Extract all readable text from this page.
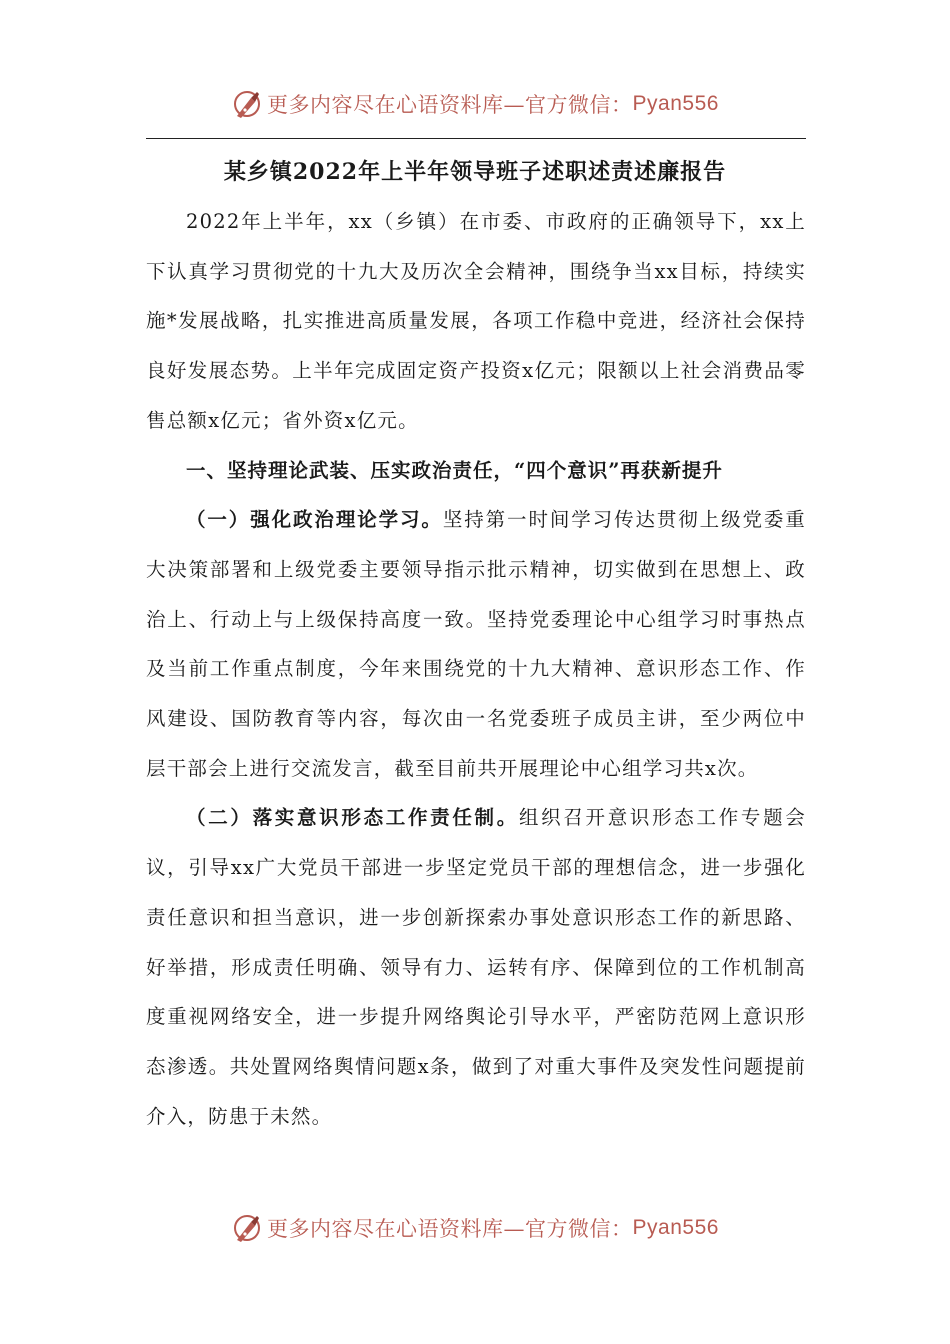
更多内容尽在心语资料库—官方微信： Pyan556
某乡镇2022年上半年领导班子述职述责述廉报告

2022年上半年，xx（乡镇）在市委、市政府的正确领导下，xx上下认真学习贯彻党的十九大及历次全会精神，围绕争当xx目标，持续实施*发展战略，扎实推进高质量发展，各项工作稳中竞进，经济社会保持良好发展态势。上半年完成固定资产投资x亿元；限额以上社会消费品零售总额x亿元；省外资x亿元。

一、坚持理论武装、压实政治责任，“四个意识”再获新提升

（一）强化政治理论学习。坚持第一时间学习传达贯彻上级党委重大决策部署和上级党委主要领导指示批示精神，切实做到在思想上、政治上、行动上与上级保持高度一致。坚持党委理论中心组学习时事热点及当前工作重点制度，今年来围绕党的十九大精神、意识形态工作、作风建设、国防教育等内容，每次由一名党委班子成员主讲，至少两位中层干部会上进行交流发言，截至目前共开展理论中心组学习共x次。

（二）落实意识形态工作责任制。组织召开意识形态工作专题会议，引导xx广大党员干部进一步坚定党员干部的理想信念，进一步强化责任意识和担当意识，进一步创新探索办事处意识形态工作的新思路、好举措，形成责任明确、领导有力、运转有序、保障到位的工作机制高度重视网络安全，进一步提升网络舆论引导水平，严密防范网上意识形态渗透。共处置网络舆情问题x条，做到了对重大事件及突发性问题提前介入，防患于未然。

更多内容尽在心语资料库—官方微信： Pyan556
